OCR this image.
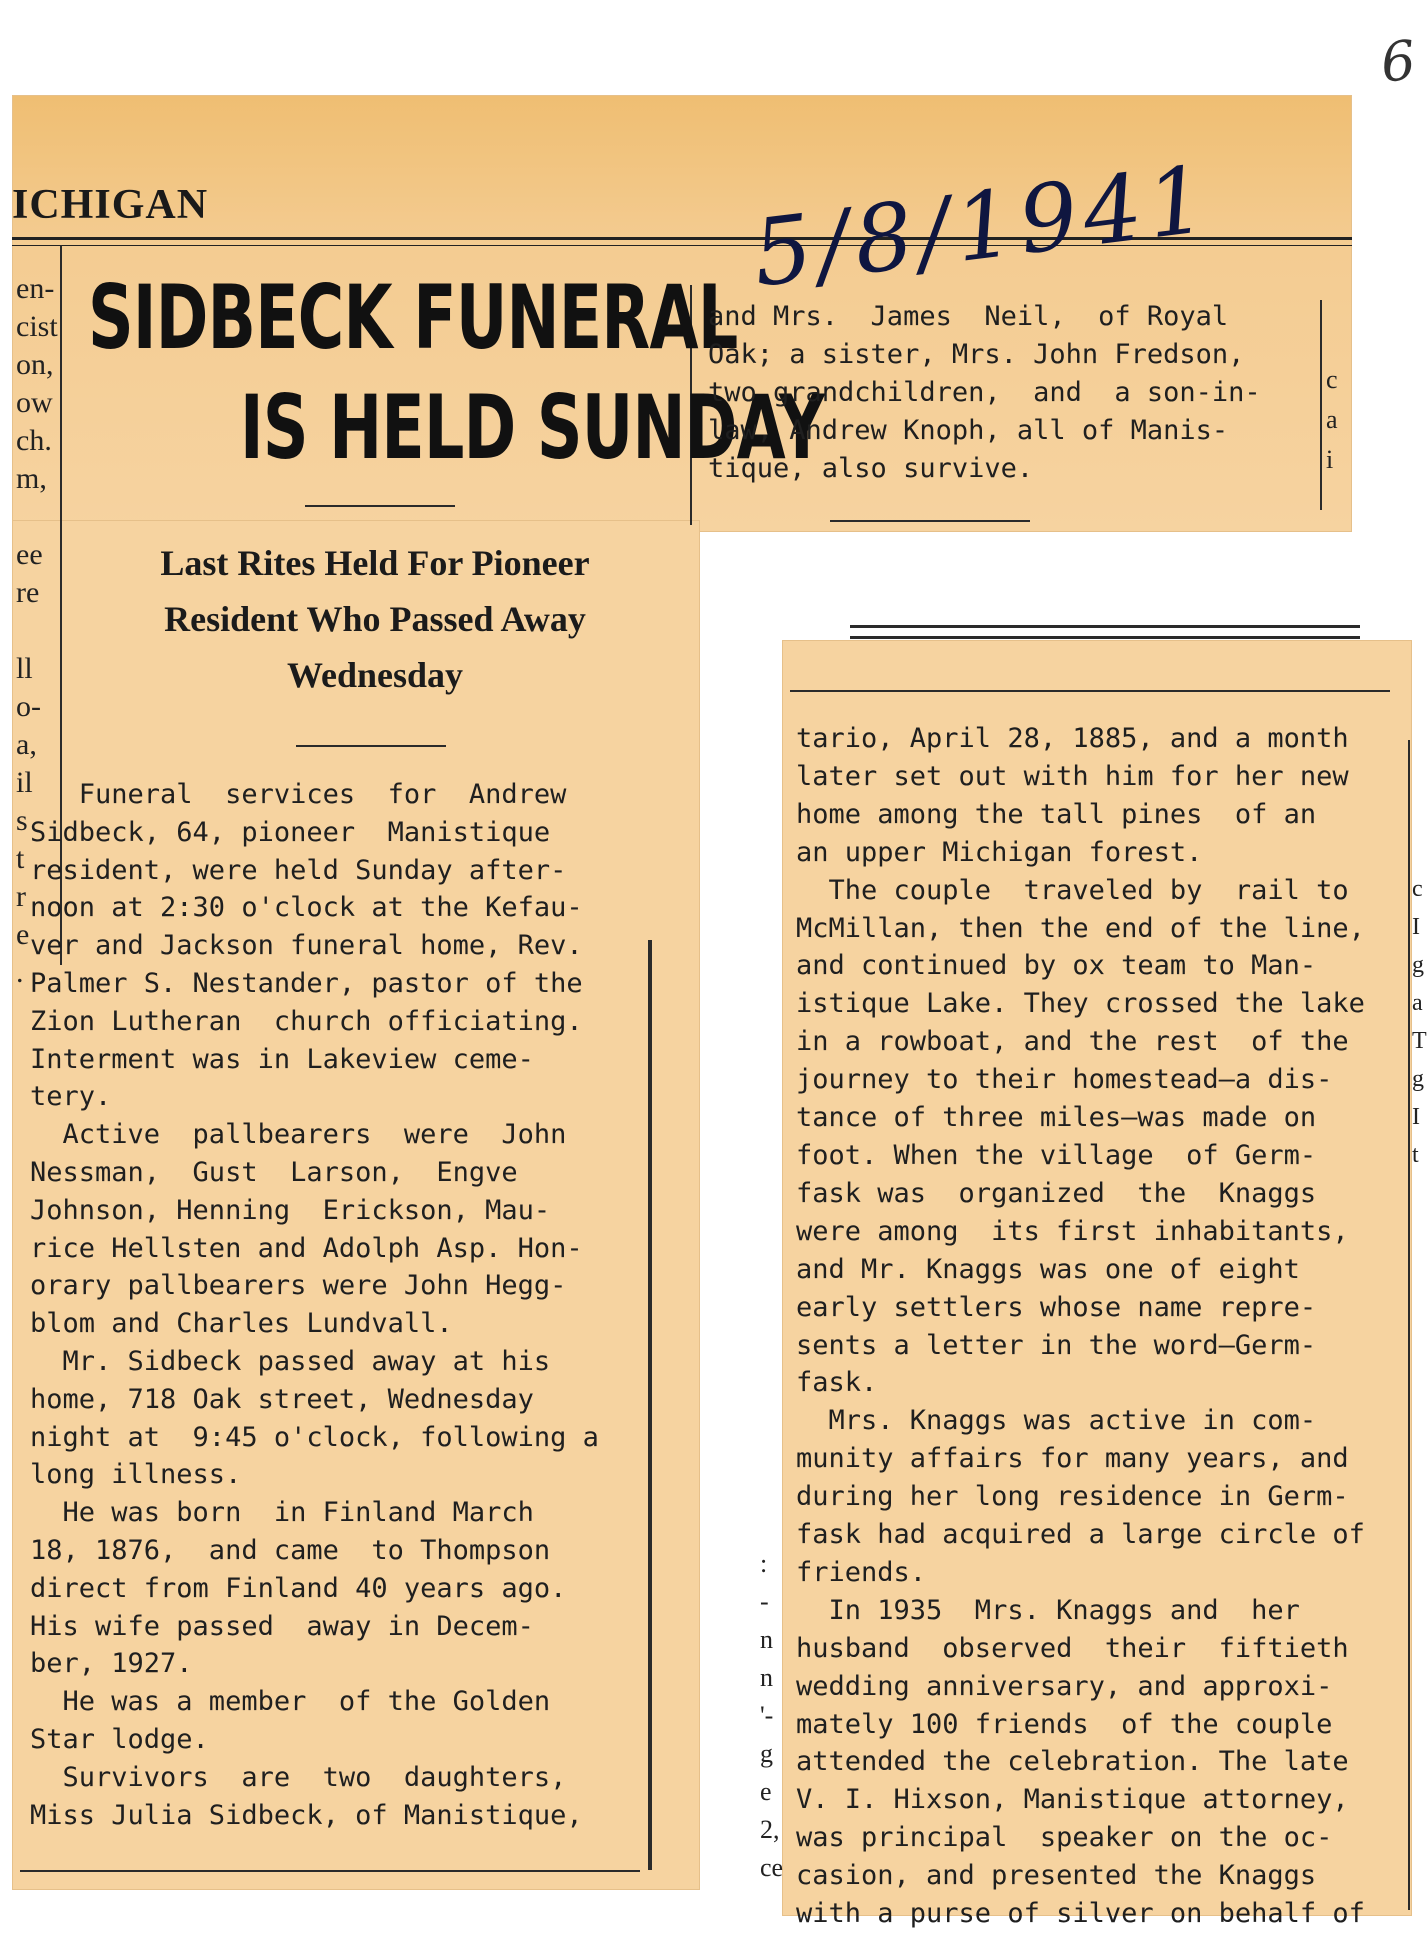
6
ICHIGAN	5/8/1941
en-
cist
on,
ow
ch.
m,
ee
re
ll
o-
a,
il
s
t
r
e
.
SIDBECK FUNERAL
IS HELD SUNDAY
Last Rites Held For Pioneer
Resident Who Passed Away
Wednesday
Funeral  services  for  Andrew
Sidbeck, 64, pioneer  Manistique
resident, were held Sunday after-
noon at 2:30 o'clock at the Kefau-
ver and Jackson funeral home, Rev.
Palmer S. Nestander, pastor of the
Zion Lutheran  church officiating.
Interment was in Lakeview ceme-
tery.
Active  pallbearers  were  John
Nessman,  Gust  Larson,  Engve
Johnson, Henning  Erickson, Mau-
rice Hellsten and Adolph Asp. Hon-
orary pallbearers were John Hegg-
blom and Charles Lundvall.
Mr. Sidbeck passed away at his
home, 718 Oak street, Wednesday
night at  9:45 o'clock, following a
long illness.
He was born  in Finland March
18, 1876,  and came  to Thompson
direct from Finland 40 years ago.
His wife passed  away in Decem-
ber, 1927.
He was a member  of the Golden
Star lodge.
Survivors  are  two  daughters,
Miss Julia Sidbeck, of Manistique,
and Mrs.  James  Neil,  of Royal
Oak; a sister, Mrs. John Fredson,
two grandchildren,  and  a son-in-
law, Andrew Knoph, all of Manis-
tique, also survive.
c
a
i
tario, April 28, 1885, and a month
later set out with him for her new
home among the tall pines  of an
an upper Michigan forest.
The couple  traveled by  rail to
McMillan, then the end of the line,
and continued by ox team to Man-
istique Lake. They crossed the lake
in a rowboat, and the rest  of the
journey to their homestead—a dis-
tance of three miles—was made on
foot. When the village  of Germ-
fask was  organized  the  Knaggs
were among  its first inhabitants,
and Mr. Knaggs was one of eight
early settlers whose name repre-
sents a letter in the word—Germ-
fask.
Mrs. Knaggs was active in com-
munity affairs for many years, and
during her long residence in Germ-
fask had acquired a large circle of
friends.
In 1935  Mrs. Knaggs and  her
husband  observed  their  fiftieth
wedding anniversary, and approxi-
mately 100 friends  of the couple
attended the celebration. The late
V. I. Hixson, Manistique attorney,
was principal  speaker on the oc-
casion, and presented the Knaggs
with a purse of silver on behalf of
:
-
n
n
'-
g
e
2,
ce
c
I
g
a
T
g
I
t
